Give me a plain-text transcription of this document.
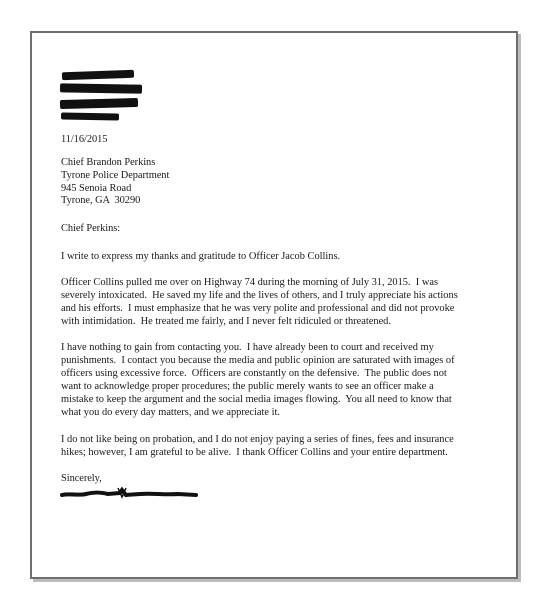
11/16/2015
Chief Brandon Perkins
Tyrone Police Department
945 Senoia Road
Tyrone, GA  30290
Chief Perkins:
I write to express my thanks and gratitude to Officer Jacob Collins.
Officer Collins pulled me over on Highway 74 during the morning of July 31, 2015.  I was
severely intoxicated.  He saved my life and the lives of others, and I truly appreciate his actions
and his efforts.  I must emphasize that he was very polite and professional and did not provoke
with intimidation.  He treated me fairly, and I never felt ridiculed or threatened.
I have nothing to gain from contacting you.  I have already been to court and received my
punishments.  I contact you because the media and public opinion are saturated with images of
officers using excessive force.  Officers are constantly on the defensive.  The public does not
want to acknowledge proper procedures; the public merely wants to see an officer make a
mistake to keep the argument and the social media images flowing.  You all need to know that
what you do every day matters, and we appreciate it.
I do not like being on probation, and I do not enjoy paying a series of fines, fees and insurance
hikes; however, I am grateful to be alive.  I thank Officer Collins and your entire department.
Sincerely,
